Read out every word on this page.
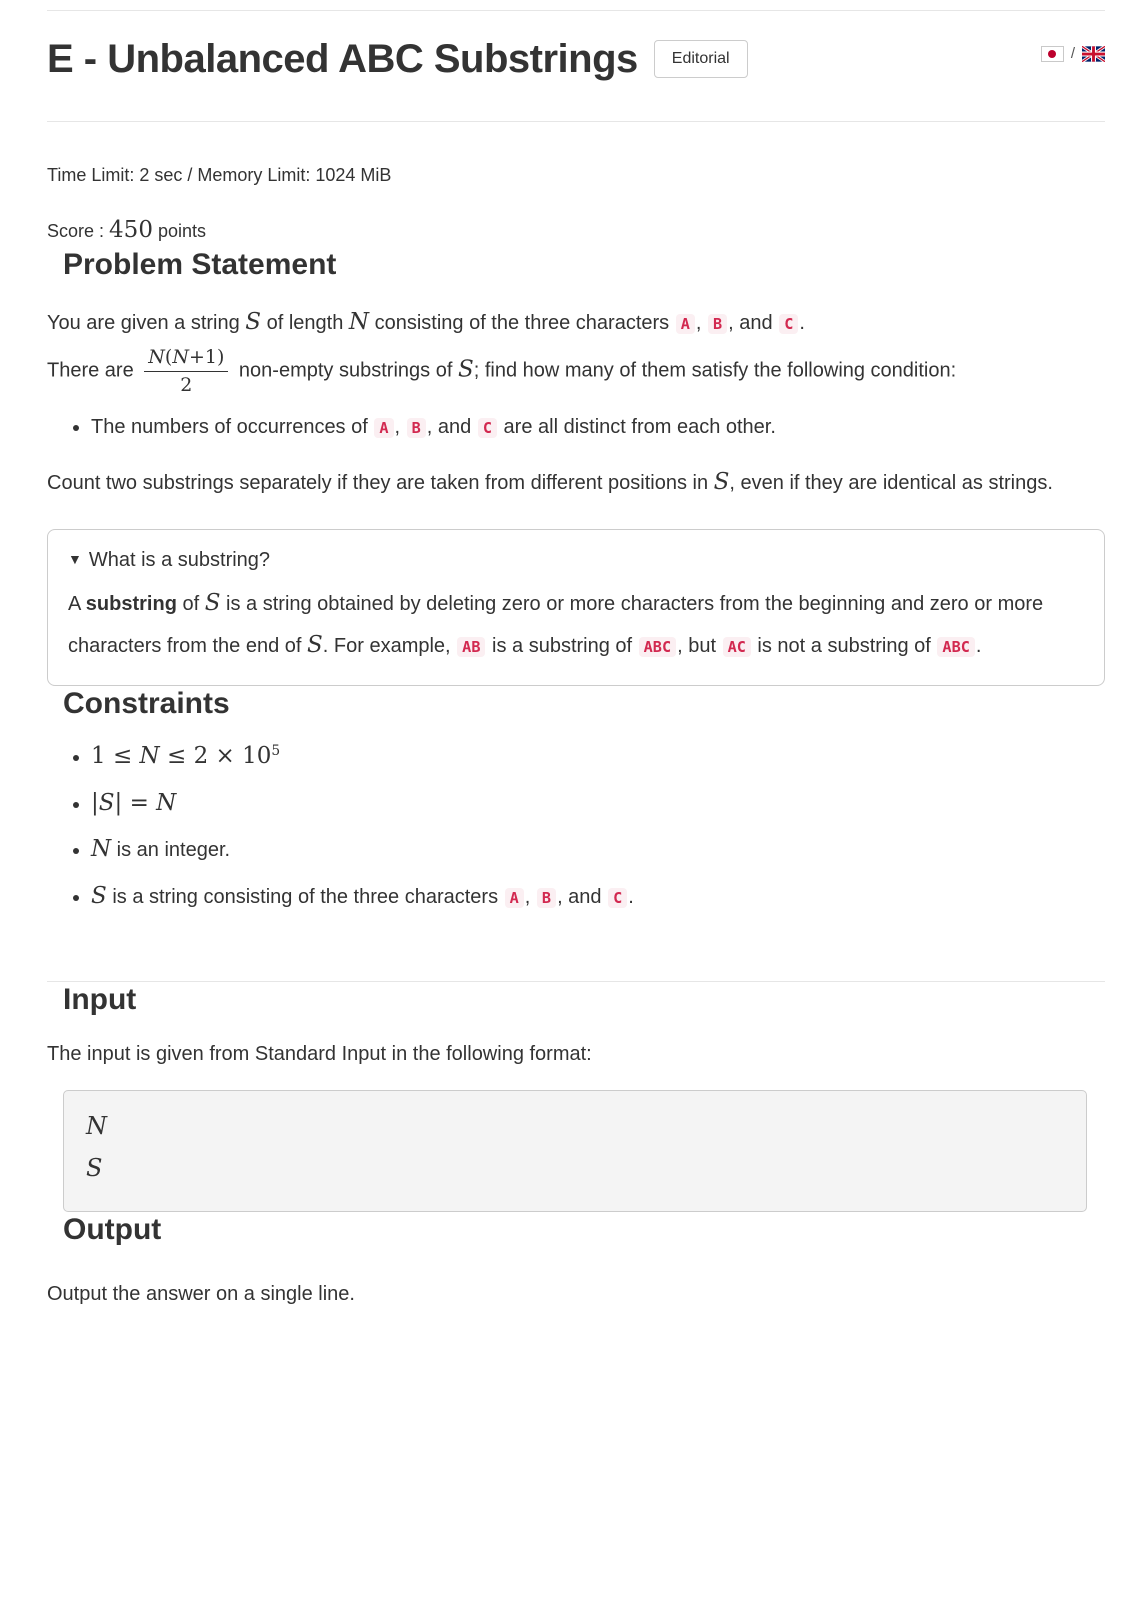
E - Unbalanced ABC Substrings	Editorial	/

Time Limit: 2 sec / Memory Limit: 1024 MiB

Score : 450 points

Problem Statement

You are given a string S of length N consisting of the three characters A , B , and C .

There are $\frac{N(N+1)}{2}$ non-empty substrings of S; find how many of them satisfy the following condition:

• The numbers of occurrences of A , B , and C are all distinct from each other.

Count two substrings separately if they are taken from different positions in S, even if they are identical as strings.

▼ What is a substring?

A substring of S is a string obtained by deleting zero or more characters from the beginning and zero or more characters from the end of S. For example, AB is a substring of ABC , but AC is not a substring of ABC .

Constraints
• $1 \le N \le 2 \times 10^5$
• |S| = N
• N is an integer.
• S is a string consisting of the three characters A , B , and C .
Input

The input is given from Standard Input in the following format:

N
S
Output

Output the answer on a single line.
